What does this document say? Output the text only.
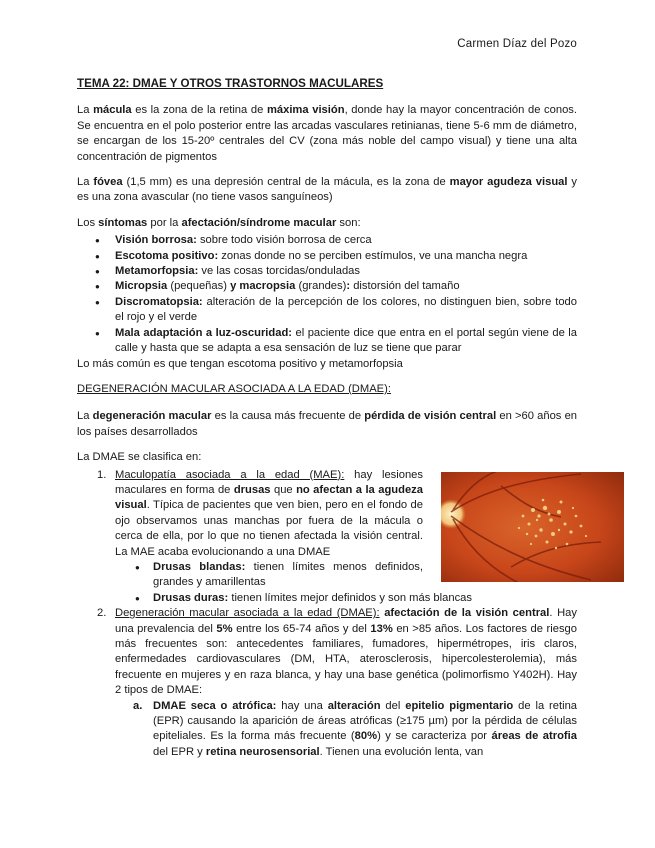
Carmen Díaz del Pozo
TEMA 22: DMAE Y OTROS TRASTORNOS MACULARES

La mácula es la zona de la retina de máxima visión, donde hay la mayor concentración de conos. Se encuentra en el polo posterior entre las arcadas vasculares retinianas, tiene 5-6 mm de diámetro, se encargan de los 15-20º centrales del CV (zona más noble del campo visual) y tiene una alta concentración de pigmentos

La fóvea (1,5 mm) es una depresión central de la mácula, es la zona de mayor agudeza visual y es una zona avascular (no tiene vasos sanguíneos)

Los síntomas por la afectación/síndrome macular son:

● Visión borrosa: sobre todo visión borrosa de cerca
● Escotoma positivo: zonas donde no se perciben estímulos, ve una mancha negra
● Metamorfopsia: ve las cosas torcidas/onduladas
● Micropsia (pequeñas) y macropsia (grandes): distorsión del tamaño
● Discromatopsia: alteración de la percepción de los colores, no distinguen bien, sobre todo el rojo y el verde
● Mala adaptación a luz-oscuridad: el paciente dice que entra en el portal según viene de la calle y hasta que se adapta a esa sensación de luz se tiene que parar

Lo más común es que tengan escotoma positivo y metamorfopsia

DEGENERACIÓN MACULAR ASOCIADA A LA EDAD (DMAE):

La degeneración macular es la causa más frecuente de pérdida de visión central en >60 años en los países desarrollados

La DMAE se clasifica en:

1. Maculopatía asociada a la edad (MAE): hay lesiones maculares en forma de drusas que no afectan a la agudeza visual. Típica de pacientes que ven bien, pero en el fondo de ojo observamos unas manchas por fuera de la mácula o cerca de ella, por lo que no tienen afectada la visión central. La MAE acaba evolucionando a una DMAE
● Drusas blandas: tienen límites menos definidos, grandes y amarillentas
● Drusas duras: tienen límites mejor definidos y son más blancas
2. Degeneración macular asociada a la edad (DMAE): afectación de la visión central. Hay una prevalencia del 5% entre los 65-74 años y del 13% en >85 años. Los factores de riesgo más frecuentes son: antecedentes familiares, fumadores, hipermétropes, iris claros, enfermedades cardiovasculares (DM, HTA, aterosclerosis, hipercolesterolemia), más frecuente en mujeres y en raza blanca, y hay una base genética (polimorfismo Y402H). Hay 2 tipos de DMAE:
a. DMAE seca o atrófica: hay una alteración del epitelio pigmentario de la retina (EPR) causando la aparición de áreas atróficas (≥175 µm) por la pérdida de células epiteliales. Es la forma más frecuente (80%) y se caracteriza por áreas de atrofia del EPR y retina neurosensorial. Tienen una evolución lenta, van
